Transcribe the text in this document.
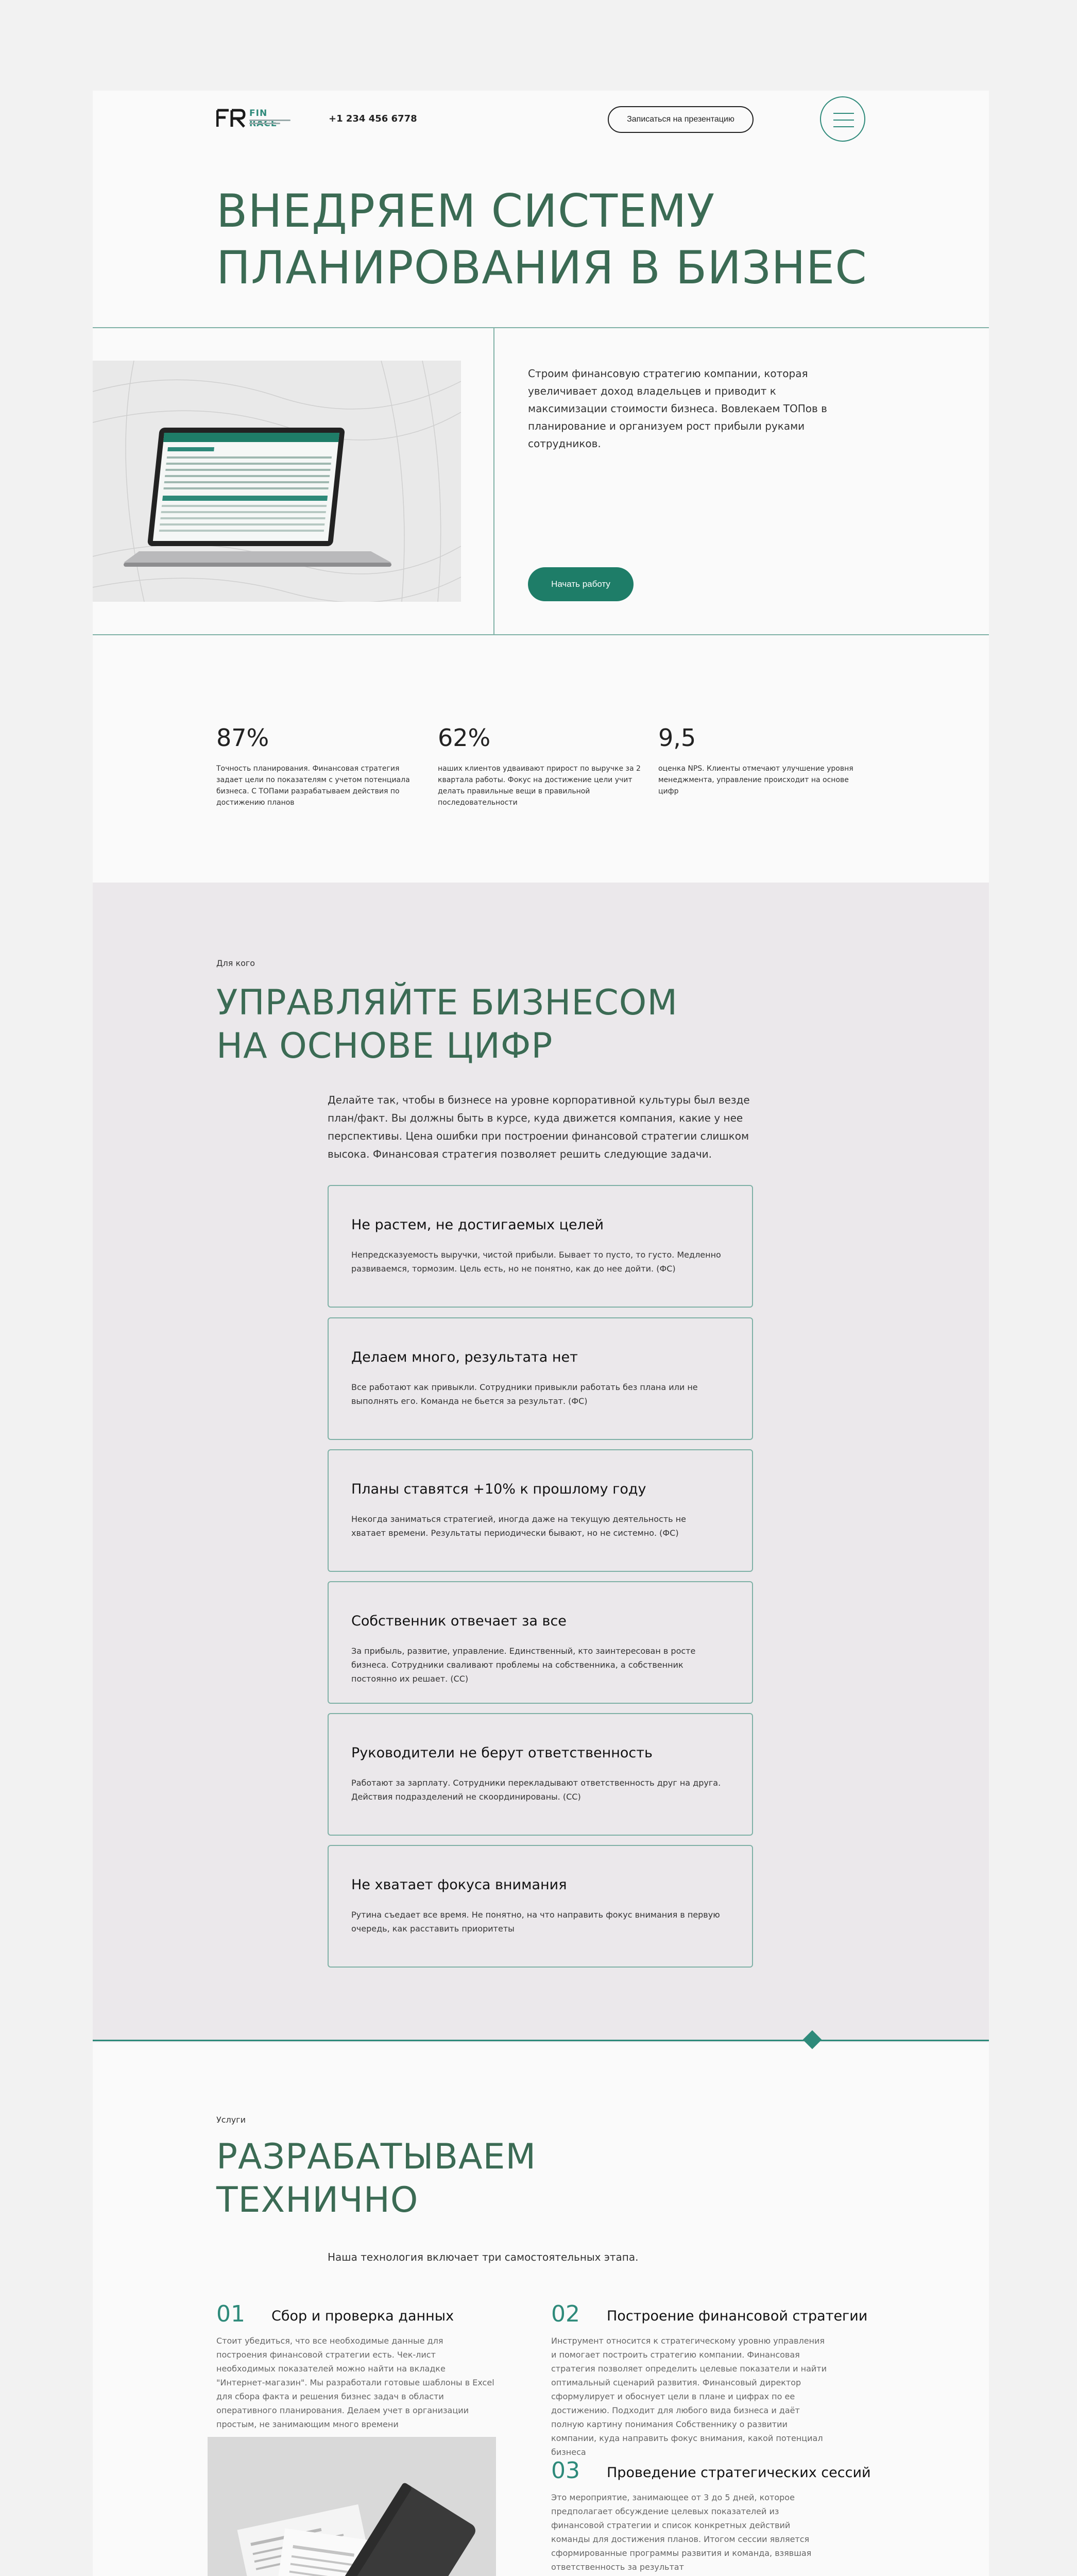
FIN	+1 234 456 6778	Записаться на презентацию
ВНЕДРЯЕМ СИСТЕМУ
ПЛАНИРОВАНИЯ В БИЗНЕС

Строим финансовую стратегию компании, которая увеличивает доход владельцев и приводит к максимизации стоимости бизнеса. Вовлекаем ТОПов в планирование и организуем рост прибыли руками сотрудников.

Начать работу
87%

Точность планирования. Финансовая стратегия задает цели по показателям с учетом потенциала бизнеса. С ТОПами разрабатываем действия по достижению планов

62%

наших клиентов удваивают прирост по выручке за 2 квартала работы. Фокус на достижение цели учит делать правильные вещи в правильной последовательности

9,5

оценка NPS. Клиенты отмечают улучшение уровня менеджмента, управление происходит на основе цифр

Для кого
УПРАВЛЯЙТЕ БИЗНЕСОМ
НА ОСНОВЕ ЦИФР

Делайте так, чтобы в бизнесе на уровне корпоративной культуры был везде план/факт. Вы должны быть в курсе, куда движется компания, какие у нее перспективы. Цена ошибки при построении финансовой стратегии слишком высока. Финансовая стратегия позволяет решить следующие задачи.

Не растем, не достигаемых целей

Непредсказуемость выручки, чистой прибыли. Бывает то пусто, то густо. Медленно развиваемся, тормозим. Цель есть, но не понятно, как до нее дойти. (ФС)

Делаем много, результата нет

Все работают как привыкли. Сотрудники привыкли работать без плана или не выполнять его. Команда не бьется за результат. (ФС)

Планы ставятся +10% к прошлому году

Некогда заниматься стратегией, иногда даже на текущую деятельность не хватает времени. Результаты периодически бывают, но не системно. (ФС)

Собственник отвечает за все

За прибыль, развитие, управление. Единственный, кто заинтересован в росте бизнеса. Сотрудники сваливают проблемы на собственника, а собственник постоянно их решает. (СС)

Руководители не берут ответственность

Работают за зарплату. Сотрудники перекладывают ответственность друг на друга. Действия подразделений не скоординированы. (СС)

Не хватает фокуса внимания

Рутина съедает все время. Не понятно, на что направить фокус внимания в первую очередь, как расставить приоритеты

Услуги
РАЗРАБАТЫВАЕМ
ТЕХНИЧНО

Наша технология включает три самостоятельных этапа.

01 Сбор и проверка данных

Стоит убедиться, что все необходимые данные для построения финансовой стратегии есть. Чек-лист необходимых показателей можно найти на вкладке "Интернет-магазин". Мы разработали готовые шаблоны в Excel для сбора факта и решения бизнес задач в области оперативного планирования. Делаем учет в организации простым, не занимающим много времени

02 Построение финансовой стратегии

Инструмент относится к стратегическому уровню управления и помогает построить стратегию компании. Финансовая стратегия позволяет определить целевые показатели и найти оптимальный сценарий развития. Финансовый директор сформулирует и обоснует цели в плане и цифрах по ее достижению. Подходит для любого вида бизнеса и даёт полную картину понимания Собственнику о развитии компании, куда направить фокус внимания, какой потенциал бизнеса

03 Проведение стратегических сессий

Это мероприятие, занимающее от 3 до 5 дней, которое предполагает обсуждение целевых показателей из финансовой стратегии и список конкретных действий команды для достижения планов. Итогом сессии является сформированные программы развития и команда, взявшая ответственность за результат
